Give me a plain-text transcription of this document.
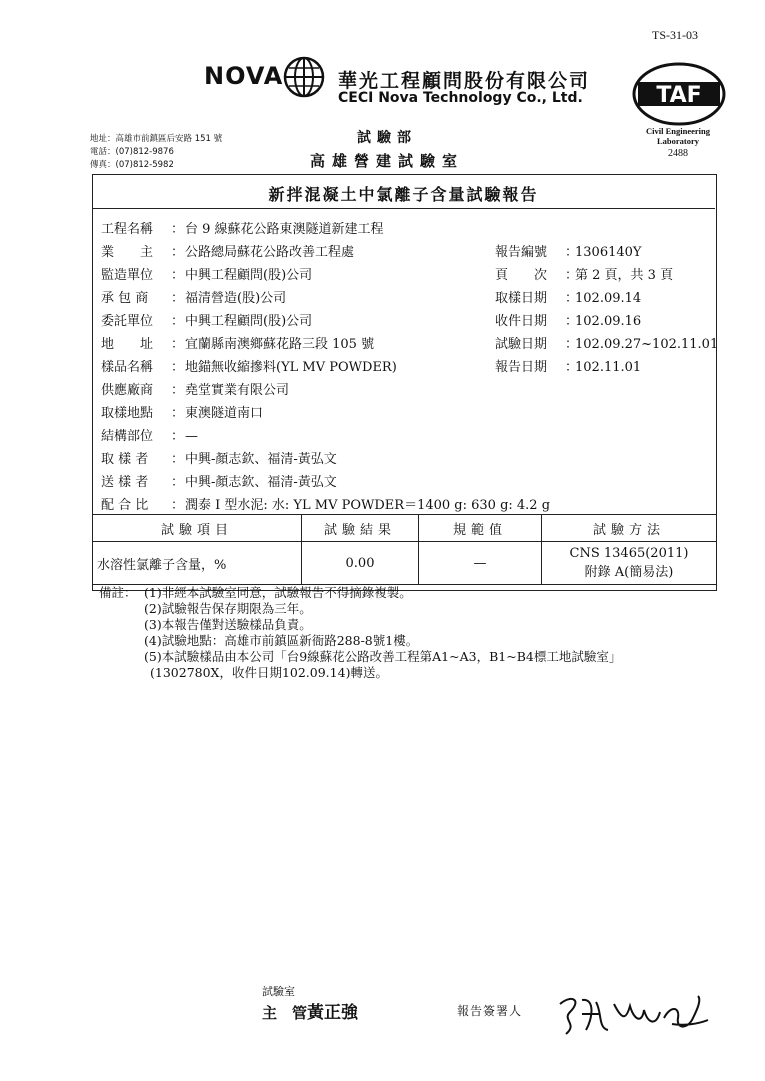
TS-31-03
NOVA	華光工程顧問股份有限公司
CECI Nova Technology Co., Ltd.	TAF
Civil Engineering
Laboratory
2488
地址：高雄市前鎮區后安路 151 號
電話：(07)812-9876
傳真：(07)812-5982
試驗部
高雄營建試驗室
新拌混凝土中氯離子含量試驗報告
工程名稱 ：台 9 線蘇花公路東澳隧道新建工程
業　　主 ：公路總局蘇花公路改善工程處
監造單位 ：中興工程顧問(股)公司
承 包 商 ：福清營造(股)公司
委託單位 ：中興工程顧問(股)公司
地　　址 ：宜蘭縣南澳鄉蘇花路三段 105 號
樣品名稱 ：地錨無收縮摻料(YL MV POWDER)
供應廠商 ：堯堂實業有限公司
取樣地點 ：東澳隧道南口
結構部位 ：—
取 樣 者 ：中興-顏志欽、福清-黃弘文
送 樣 者 ：中興-顏志欽、福清-黃弘文
配 合 比 ：潤泰 I 型水泥: 水: YL MV POWDER＝1400 g: 630 g: 4.2 g
報告編號 ：1306140Y
頁　　次 ：第 2 頁，共 3 頁
取樣日期 ：102.09.14
收件日期 ：102.09.16
試驗日期 ：102.09.27~102.11.01
報告日期 ：102.11.01
試驗項目	試驗結果	規範值	試驗方法
水溶性氯離子含量，%	0.00	—	CNS 13465(2011)
附錄 A(簡易法)
備註： (1)非經本試驗室同意，試驗報告不得摘錄複製。
(2)試驗報告保存期限為三年。
(3)本報告僅對送驗樣品負責。
(4)試驗地點：高雄市前鎮區新衙路288-8號1樓。
(5)本試驗樣品由本公司「台9線蘇花公路改善工程第A1~A3，B1~B4標工地試驗室」
(1302780X，收件日期102.09.14)轉送。
試驗室
主　管黃正強	報告簽署人
